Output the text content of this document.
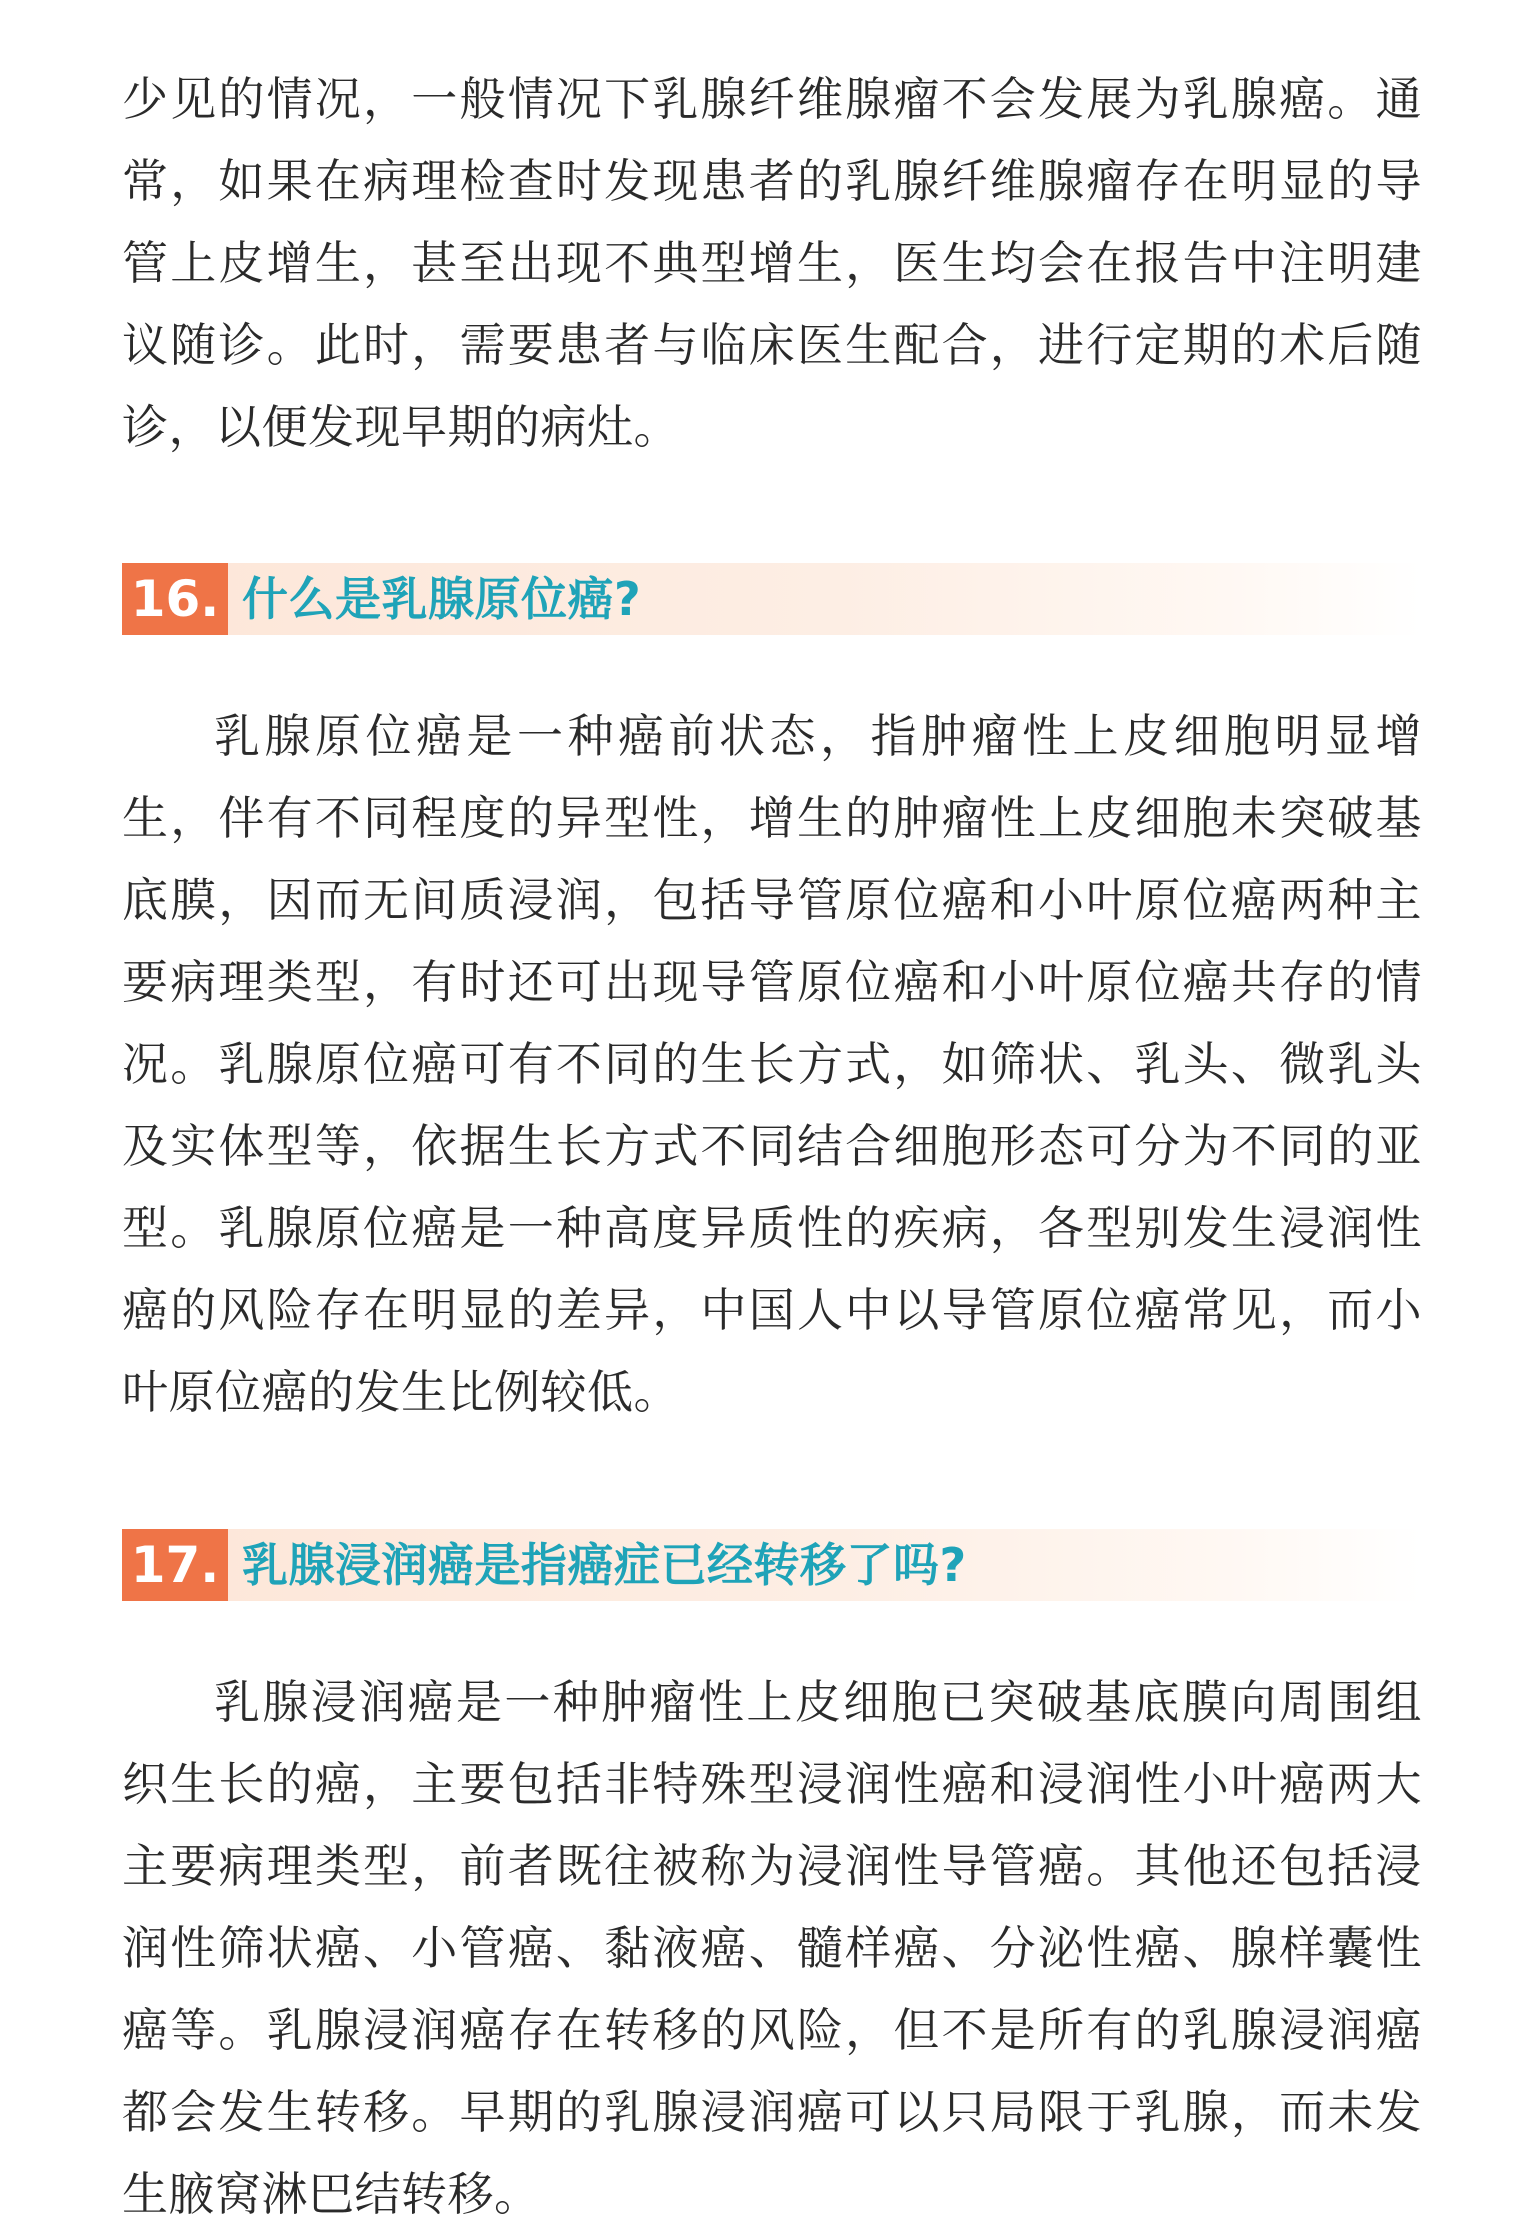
少见的情况，一般情况下乳腺纤维腺瘤不会发展为乳腺癌。通常，如果在病理检查时发现患者的乳腺纤维腺瘤存在明显的导管上皮增生，甚至出现不典型增生，医生均会在报告中注明建议随诊。此时，需要患者与临床医生配合，进行定期的术后随诊，以便发现早期的病灶。

16. 什么是乳腺原位癌?

乳腺原位癌是一种癌前状态，指肿瘤性上皮细胞明显增生，伴有不同程度的异型性，增生的肿瘤性上皮细胞未突破基底膜，因而无间质浸润，包括导管原位癌和小叶原位癌两种主要病理类型，有时还可出现导管原位癌和小叶原位癌共存的情况。乳腺原位癌可有不同的生长方式，如筛状、乳头、微乳头及实体型等，依据生长方式不同结合细胞形态可分为不同的亚型。乳腺原位癌是一种高度异质性的疾病，各型别发生浸润性癌的风险存在明显的差异，中国人中以导管原位癌常见，而小叶原位癌的发生比例较低。

17. 乳腺浸润癌是指癌症已经转移了吗?

乳腺浸润癌是一种肿瘤性上皮细胞已突破基底膜向周围组织生长的癌，主要包括非特殊型浸润性癌和浸润性小叶癌两大主要病理类型，前者既往被称为浸润性导管癌。其他还包括浸润性筛状癌、小管癌、黏液癌、髓样癌、分泌性癌、腺样囊性癌等。乳腺浸润癌存在转移的风险，但不是所有的乳腺浸润癌都会发生转移。早期的乳腺浸润癌可以只局限于乳腺，而未发生腋窝淋巴结转移。
